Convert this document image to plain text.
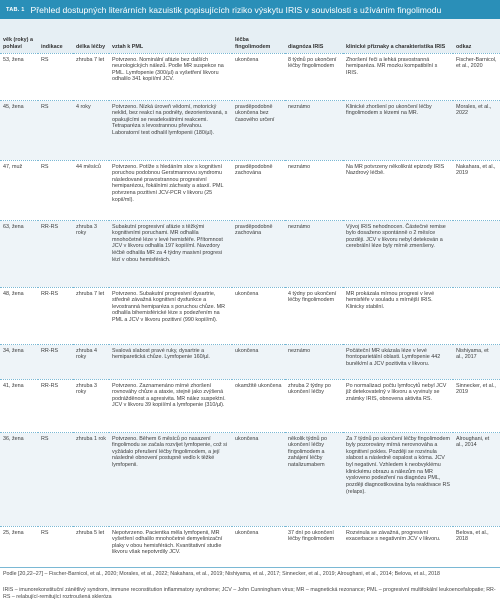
TAB. 1 Přehled dostupných literárních kazuistik popisujících riziko výskytu IRIS v souvislosti s užíváním fingolimodu
věk (roky) a pohlaví	indikace	délka léčby	vztah k PML	léčba fingolimodem	diagnóza IRIS	klinické příznaky a charakteristika IRIS	odkaz
53, žena	RS	zhruba 7 let	Potvrzeno. Nominální afázie bez dalších neurologických nálezů. Podle MR suspekce na PML. Lymfopenie (300/µl) a vyšetření likvoru odhalilo 341 kopií/ml JCV.	ukončena	8 týdnů po ukončení léčby fingolimodem	Zhoršení řeči a lehká pravostranná hemiparéza. MR mozku kompatibilní s IRIS.	Fischer-Barnicol, et al., 2020
45, žena	RS	4 roky	Potvrzeno. Nízká úroveň vědomí, motorický neklid, bez reakcí na podněty, dezorientovaná, s opakujícími se neadekvátními reakcemi. Tetraparéza s levostrannou převahou. Laboratorní test odhalil lymfopenii (180/µl).	pravděpodobně ukončena bez časového určení	neznámo	Klinické zhoršení po ukončení léčby fingolimodem s lézemi na MR.	Morales, et al., 2022
47, muž	RS	44 měsíců	Potvrzeno. Potíže s hledáním slov s kognitivní poruchou podobnou Gerstmannovu syndromu následované pravostrannou progresivní hemiparézou, fokálními záchvaty a ataxií. PML potvrzena pozitivní JCV-PCR v likvoru (25 kopií/ml).	pravděpodobně zachována	neznámo	Na MR potvrzeny několikrát epizody IRIS Nazdrový léčbě.	Nakahara, et al., 2019
63, žena	RR-RS	zhruba 3 roky	Subakutní progresivní afázie s těžkými kognitivními poruchami. MR odhalila mnohočetné léze v levé hemisféře. Přítomnost JCV v likvoru odhalila 197 kopií/ml. Navzdory léčbě odhalila MR za 4 týdny masivní progresi lézí v obou hemisférách.	pravděpodobně zachována	neznámo	Vývoj IRIS nehodnocen. Částečné remise bylo dosaženo spontánně o 2 měsíce později. JCV v likvoru nebyl detekován a cerebrální léze byly mírně zmenšeny.	
48, žena	RR-RS	zhruba 7 let	Potvrzeno. Subakutní progresivní dysartrie, středně závažná kognitivní dysfunkce a levostranná hemiparéza s poruchou chůze. MR odhalila bihemisférické léze s podezřením na PML a JCV v likvoru pozitivní (990 kopií/ml).	ukončena	4 týdny po ukončení léčby fingolimodem	MR prokázala mírnou progresi v levé hemisféře v souladu s mírnější IRIS. Klinicky stabilní.	
34, žena	RR-RS	zhruba 4 roky	Svalová slabost pravé ruky, dysartrie a hemiparetická chůze. Lymfopenie 160/µl.	ukončena	neznámo	Počáteční MR ukázala léze v levé frontoparietální oblasti. Lymfopenie 442 buněk/ml a JCV pozitivita v likvoru.	Nishiyama, et al., 2017
41, žena	RR-RS	zhruba 3 roky	Potvrzeno. Zaznamenáno mírné zhoršení rovnováhy chůze a ataxie, stejně jako zvýšená podrážděnost a agresivita. MR nález suspektní. JCV v likvoru 39 kopií/ml a lymfopenie (310/µl).	okamžitě ukončena	zhruba 2 týdny po ukončení léčby	Po normalizaci počtu lymfocytů nebyl JCV již detekovatelný v likvoru a vyvinuly se známky IRIS, obnovena aktivita RS.	Sinnecker, et al., 2019
36, žena	RS	zhruba 1 rok	Potvrzeno. Během 6 měsíců po nasazení fingolimodu se začala rozvíjet lymfopenie, což si vyžádalo přerušení léčby fingolimodem, a její následné obnovení postupně vedlo k těžké lymfopenii.	ukončena	několik týdnů po ukončení léčby fingolimodem a zahájení léčby natalizumabem	Za 7 týdnů po ukončení léčby fingolimodem byly pozorovány mírná nerovnováha a kognitivní pokles. Později se rozvinula slabost a následně ospalost a kóma. JCV byl negativní. Vzhledem k neobvyklému klinickému obrazu a nálezům na MR vysloveno podezření na diagnózu PML, později diagnostikována byla reaktivace RS (relaps).	Alroughani, et al., 2014
25, žena	RS	zhruba 5 let	Nepotvrzeno. Pacientka měla lymfopenii, MR vyšetření odhalilo mnohočetné demyelinizační plaky v obou hemisférách. Kvantitativní studie likvoru však nepotvrdily JCV.	ukončena	37 dní po ukončení léčby fingolimodem	Rozvinula se závažná, progresivní exacerbace s negativním JCV v likvoru.	Belova, et al., 2018
Podle [20,22–27] – Fischer-Barnicol, et al., 2020; Morales, et al., 2022; Nakahara, et al., 2019; Nishiyama, et al., 2017; Sinnecker, et al., 2019; Alroughani, et al., 2014; Belova, et al., 2018
IRIS – imunorekonstituční zánětlivý syndrom, immune reconstitution inflammatory syndrome; JCV – John Cunningham virus; MR – magnetická rezonance; PML – progresivní multifokální leukoencefalopatie; RR-RS – relabující-remitující roztroušená skleróza
